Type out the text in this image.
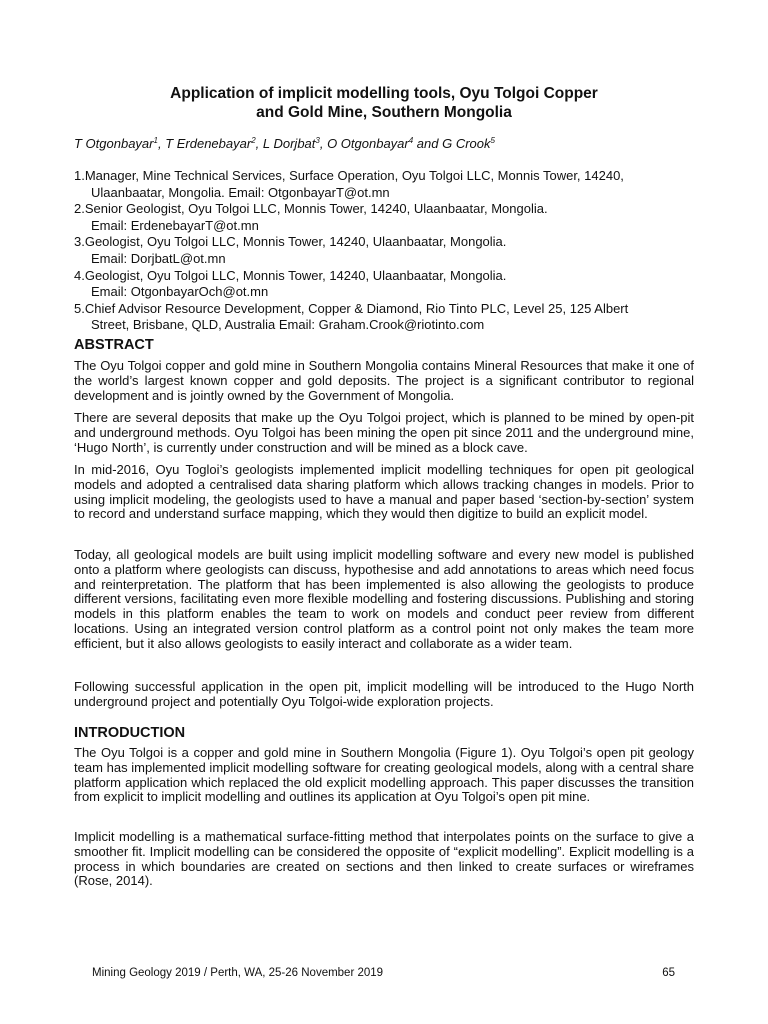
Application of implicit modelling tools, Oyu Tolgoi Copper
and Gold Mine, Southern Mongolia
T Otgonbayar$^1$, T Erdenebayar$^2$, L Dorjbat$^3$, O Otgonbayar$^4$ and G Crook$^5$
1.Manager, Mine Technical Services, Surface Operation, Oyu Tolgoi LLC, Monnis Tower, 14240,
Ulaanbaatar, Mongolia. Email: OtgonbayarT@ot.mn
2.Senior Geologist, Oyu Tolgoi LLC, Monnis Tower, 14240, Ulaanbaatar, Mongolia.
Email: ErdenebayarT@ot.mn
3.Geologist, Oyu Tolgoi LLC, Monnis Tower, 14240, Ulaanbaatar, Mongolia.
Email: DorjbatL@ot.mn
4.Geologist, Oyu Tolgoi LLC, Monnis Tower, 14240, Ulaanbaatar, Mongolia.
Email: OtgonbayarOch@ot.mn
5.Chief Advisor Resource Development, Copper & Diamond, Rio Tinto PLC, Level 25, 125 Albert
Street, Brisbane, QLD, Australia Email: Graham.Crook@riotinto.com
ABSTRACT
The Oyu Tolgoi copper and gold mine in Southern Mongolia contains Mineral Resources that make it one of the world’s largest known copper and gold deposits. The project is a significant contributor to regional development and is jointly owned by the Government of Mongolia.
There are several deposits that make up the Oyu Tolgoi project, which is planned to be mined by open-pit and underground methods. Oyu Tolgoi has been mining the open pit since 2011 and the underground mine, ‘Hugo North’, is currently under construction and will be mined as a block cave.
In mid-2016, Oyu Togloi’s geologists implemented implicit modelling techniques for open pit geological models and adopted a centralised data sharing platform which allows tracking changes in models. Prior to using implicit modeling, the geologists used to have a manual and paper based ‘section-by-section’ system to record and understand surface mapping, which they would then digitize to build an explicit model.
Today, all geological models are built using implicit modelling software and every new model is published onto a platform where geologists can discuss, hypothesise and add annotations to areas which need focus and reinterpretation. The platform that has been implemented is also allowing the geologists to produce different versions, facilitating even more flexible modelling and fostering discussions. Publishing and storing models in this platform enables the team to work on models and conduct peer review from different locations. Using an integrated version control platform as a control point not only makes the team more efficient, but it also allows geologists to easily interact and collaborate as a wider team.
Following successful application in the open pit, implicit modelling will be introduced to the Hugo North underground project and potentially Oyu Tolgoi-wide exploration projects.
INTRODUCTION
The Oyu Tolgoi is a copper and gold mine in Southern Mongolia (Figure 1). Oyu Tolgoi’s open pit geology team has implemented implicit modelling software for creating geological models, along with a central share platform application which replaced the old explicit modelling approach. This paper discusses the transition from explicit to implicit modelling and outlines its application at Oyu Tolgoi’s open pit mine.
Implicit modelling is a mathematical surface-fitting method that interpolates points on the surface to give a smoother fit. Implicit modelling can be considered the opposite of “explicit modelling”. Explicit modelling is a process in which boundaries are created on sections and then linked to create surfaces or wireframes (Rose, 2014).
Mining Geology 2019 / Perth, WA, 25-26 November 2019	65
